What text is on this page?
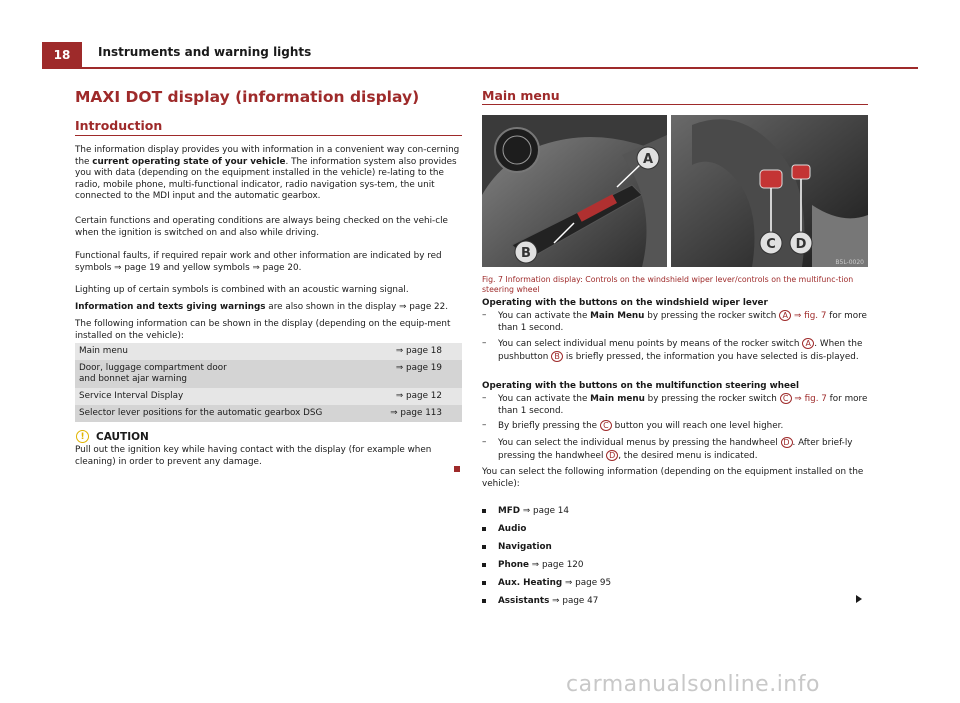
18	Instruments and warning lights
MAXI DOT display (information display)
Introduction
The information display provides you with information in a convenient way con-cerning the current operating state of your vehicle. The information system also provides you with data (depending on the equipment installed in the vehicle) re-lating to the radio, mobile phone, multi-functional indicator, radio navigation sys-tem, the unit connected to the MDI input and the automatic gearbox.
Certain functions and operating conditions are always being checked on the vehi-cle when the ignition is switched on and also while driving.
Functional faults, if required repair work and other information are indicated by red symbols ⇒ page 19 and yellow symbols ⇒ page 20.
Lighting up of certain symbols is combined with an acoustic warning signal.
Information and texts giving warnings are also shown in the display ⇒ page 22.
The following information can be shown in the display (depending on the equip-ment installed on the vehicle):
Main menu	⇒ page 18
Door, luggage compartment door and bonnet ajar warning	⇒ page 19
Service Interval Display	⇒ page 12
Selector lever positions for the automatic gearbox DSG	⇒ page 113
!	CAUTION
Pull out the ignition key while having contact with the display (for example when cleaning) in order to prevent any damage.
Main menu
A
B
C D
B5L-0020
Fig. 7 Information display: Controls on the windshield wiper lever/controls on the multifunc-tion steering wheel
Operating with the buttons on the windshield wiper lever
– You can activate the Main Menu by pressing the rocker switch A ⇒ fig. 7 for more than 1 second.
– You can select individual menu points by means of the rocker switch A . When the pushbutton B is briefly pressed, the information you have selected is dis-played.
Operating with the buttons on the multifunction steering wheel
– You can activate the Main menu by pressing the rocker switch C ⇒ fig. 7 for more than 1 second.
– By briefly pressing the C button you will reach one level higher.
– You can select the individual menus by pressing the handwheel D . After brief-ly pressing the handwheel D , the desired menu is indicated.
You can select the following information (depending on the equipment installed on the vehicle):
MFD ⇒ page 14
Audio
Navigation
Phone ⇒ page 120
Aux. Heating ⇒ page 95
Assistants ⇒ page 47
carmanualsonline.info
